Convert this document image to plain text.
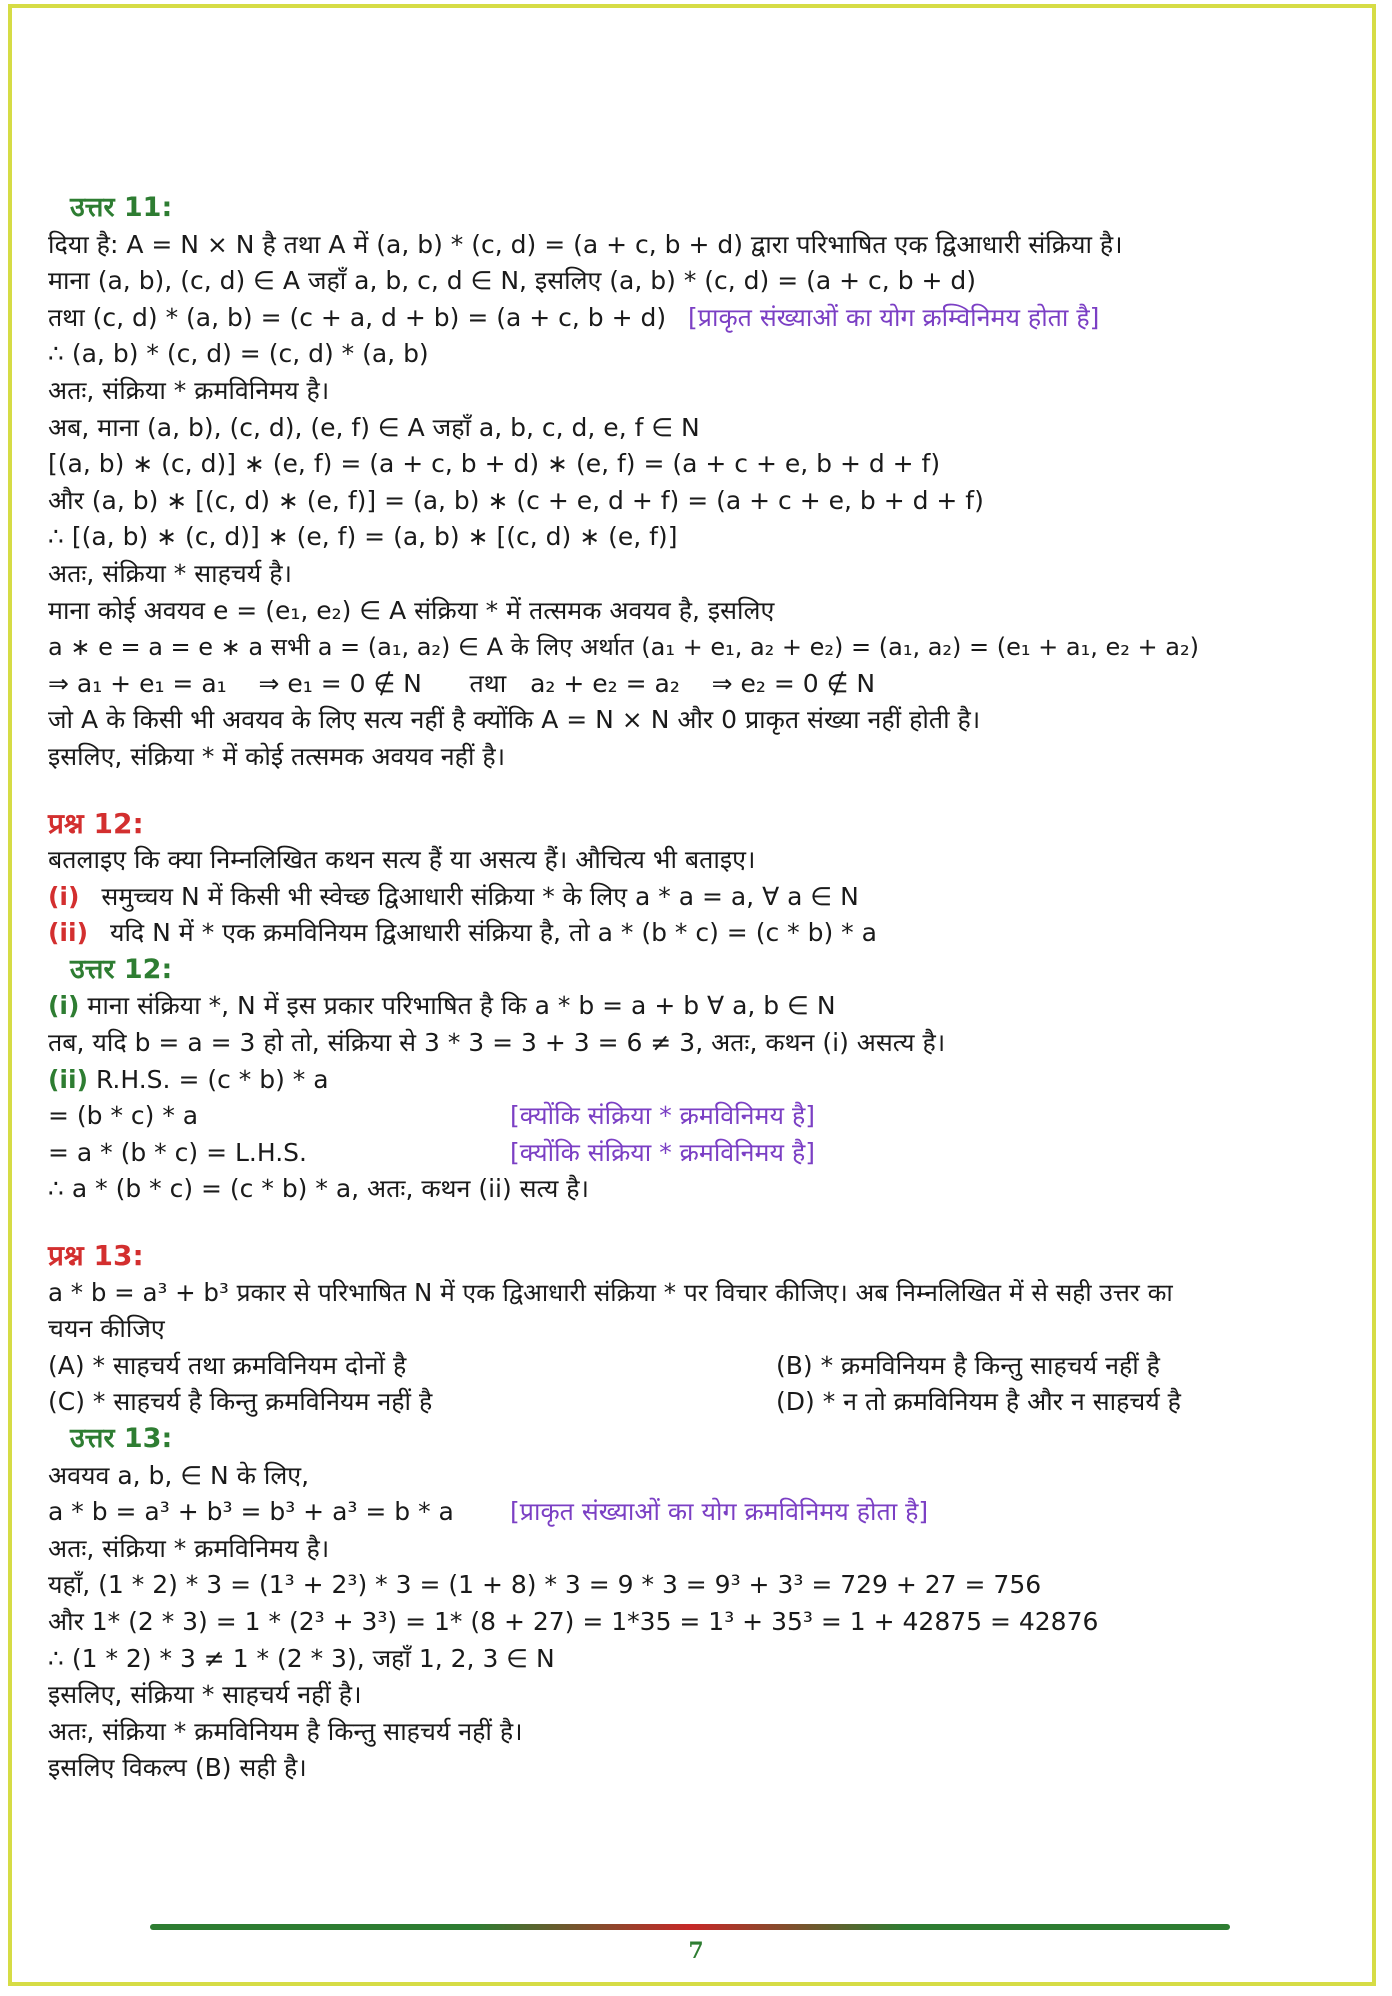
उत्तर 11:
दिया है: A = N × N है तथा A में (a, b) * (c, d) = (a + c, b + d) द्वारा परिभाषित एक द्विआधारी संक्रिया है।
माना (a, b), (c, d) ∈ A जहाँ a, b, c, d ∈ N, इसलिए (a, b) * (c, d) = (a + c, b + d)
तथा (c, d) * (a, b) = (c + a, d + b) = (a + c, b + d) [प्राकृत संख्याओं का योग क्रम्विनिमय होता है]
∴ (a, b) * (c, d) = (c, d) * (a, b)
अतः, संक्रिया * क्रमविनिमय है।
अब, माना (a, b), (c, d), (e, f) ∈ A जहाँ a, b, c, d, e, f ∈ N
[(a, b) ∗ (c, d)] ∗ (e, f) = (a + c, b + d) ∗ (e, f) = (a + c + e, b + d + f)
और (a, b) ∗ [(c, d) ∗ (e, f)] = (a, b) ∗ (c + e, d + f) = (a + c + e, b + d + f)
∴ [(a, b) ∗ (c, d)] ∗ (e, f) = (a, b) ∗ [(c, d) ∗ (e, f)]
अतः, संक्रिया * साहचर्य है।
माना कोई अवयव e = (e₁, e₂) ∈ A संक्रिया * में तत्समक अवयव है, इसलिए
a ∗ e = a = e ∗ a सभी a = (a₁, a₂) ∈ A के लिए अर्थात (a₁ + e₁, a₂ + e₂) = (a₁, a₂) = (e₁ + a₁, e₂ + a₂)
⇒ a₁ + e₁ = a₁    ⇒ e₁ = 0 ∉ N      तथा   a₂ + e₂ = a₂    ⇒ e₂ = 0 ∉ N
जो A के किसी भी अवयव के लिए सत्य नहीं है क्योंकि A = N × N और 0 प्राकृत संख्या नहीं होती है।
इसलिए, संक्रिया * में कोई तत्समक अवयव नहीं है।
प्रश्न 12:
बतलाइए कि क्या निम्नलिखित कथन सत्य हैं या असत्य हैं। औचित्य भी बताइए।
(i) समुच्चय N में किसी भी स्वेच्छ द्विआधारी संक्रिया * के लिए a * a = a, ∀ a ∈ N
(ii) यदि N में * एक क्रमविनियम द्विआधारी संक्रिया है, तो a * (b * c) = (c * b) * a
उत्तर 12:
(i) माना संक्रिया *, N में इस प्रकार परिभाषित है कि a * b = a + b ∀ a, b ∈ N
तब, यदि b = a = 3 हो तो, संक्रिया से 3 * 3 = 3 + 3 = 6 ≠ 3, अतः, कथन (i) असत्य है।
(ii) R.H.S. = (c * b) * a
= (b * c) * a	[क्योंकि संक्रिया * क्रमविनिमय है]
= a * (b * c) = L.H.S.	[क्योंकि संक्रिया * क्रमविनिमय है]
∴ a * (b * c) = (c * b) * a, अतः, कथन (ii) सत्य है।
प्रश्न 13:
a * b = a³ + b³ प्रकार से परिभाषित N में एक द्विआधारी संक्रिया * पर विचार कीजिए। अब निम्नलिखित में से सही उत्तर का
चयन कीजिए
(A) * साहचर्य तथा क्रमविनियम दोनों है	(B) * क्रमविनियम है किन्तु साहचर्य नहीं है
(C) * साहचर्य है किन्तु क्रमविनियम नहीं है	(D) * न तो क्रमविनियम है और न साहचर्य है
उत्तर 13:
अवयव a, b, ∈ N के लिए,
a * b = a³ + b³ = b³ + a³ = b * a [प्राकृत संख्याओं का योग क्रमविनिमय होता है]
अतः, संक्रिया * क्रमविनिमय है।
यहाँ, (1 * 2) * 3 = (1³ + 2³) * 3 = (1 + 8) * 3 = 9 * 3 = 9³ + 3³ = 729 + 27 = 756
और 1* (2 * 3) = 1 * (2³ + 3³) = 1* (8 + 27) = 1*35 = 1³ + 35³ = 1 + 42875 = 42876
∴ (1 * 2) * 3 ≠ 1 * (2 * 3), जहाँ 1, 2, 3 ∈ N
इसलिए, संक्रिया * साहचर्य नहीं है।
अतः, संक्रिया * क्रमविनियम है किन्तु साहचर्य नहीं है।
इसलिए विकल्प (B) सही है।
7
